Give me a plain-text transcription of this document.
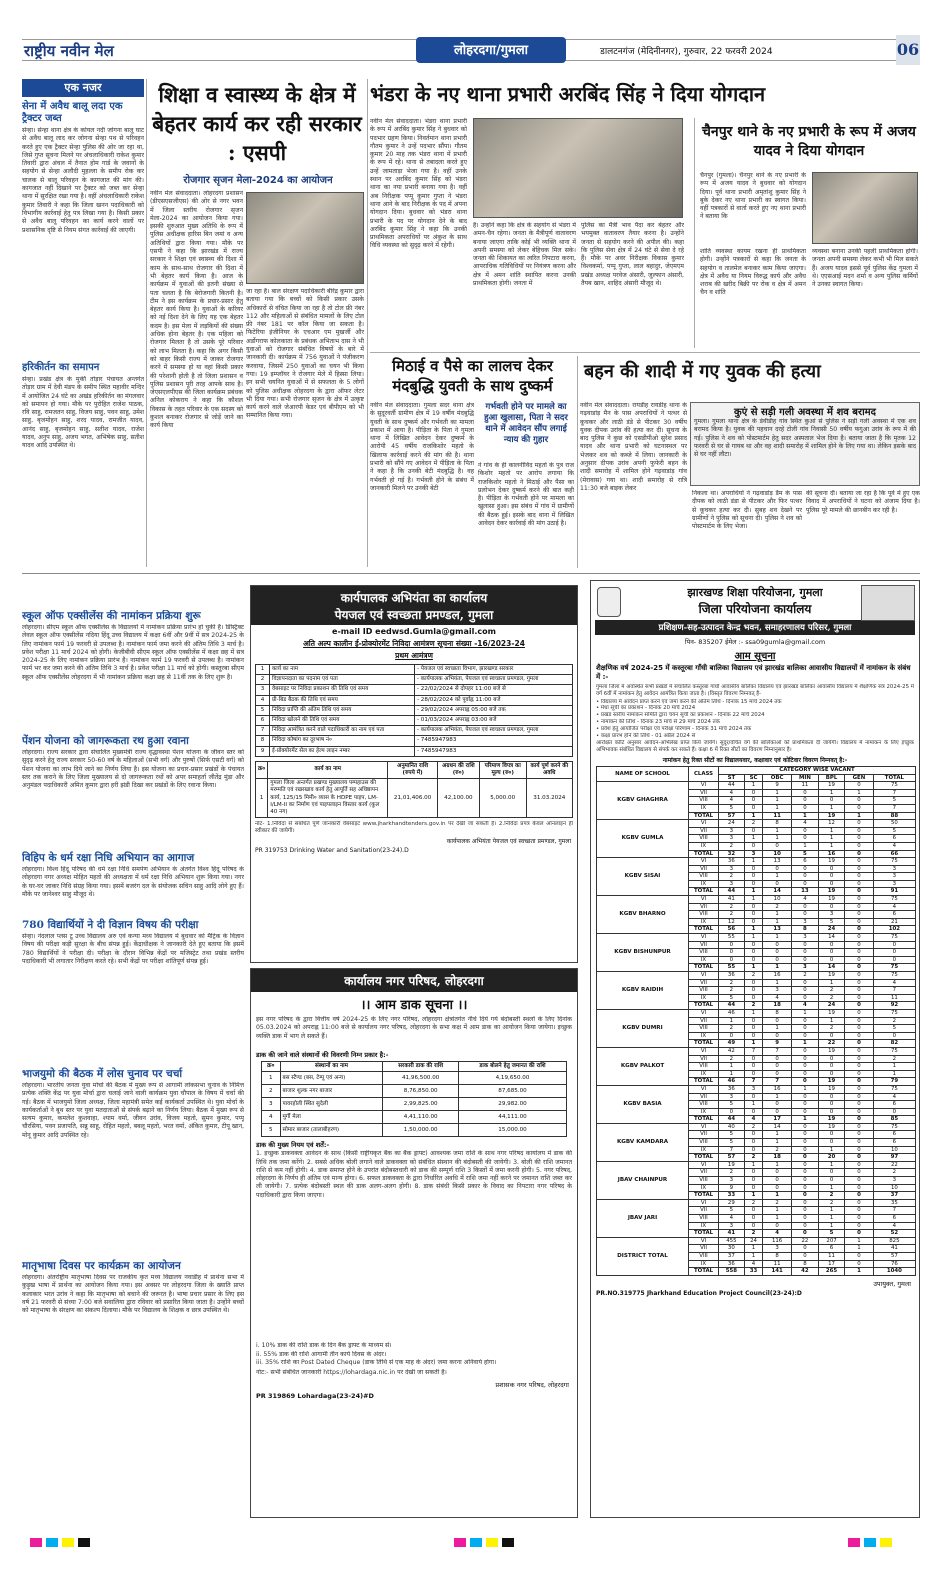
राष्ट्रीय नवीन मेल	लोहरदगा/गुमला	डालटनगंज (मेदिनीनगर), गुरुवार, 22 फरवरी 2024	06
एक नजर
सेना में अवैध बालू लदा एक ट्रैक्टर जब्त
सेन्हा। सेन्हा थाना क्षेत्र के कोयल नदी जोगना बालू घाट से अवैध बालू लाद कर जोगना सेन्हा पथ से परिवहन करते हुए एक ट्रैक्टर सेन्हा पुलिस की ओर जा रहा था, जिसे गुप्त सूचना मिलने पर अंचलाधिकारी राकेश कुमार तिवारी द्वारा अंचल में तैनात होम गार्ड के जवानों के सहयोग से सेन्हा अलौदी मुहल्ला के समीप रोक कर चालक से बालू परिवहन के कागजात की मांग की। कागजात नहीं दिखाने पर ट्रैक्टर को जब्त कर सेन्हा थाना में सुरक्षित रखा गया है। वहीं अंचलाधिकारी राकेश कुमार तिवारी ने कहा कि जिला खनन पदाधिकारी को विभागीय कार्रवाई हेतु पत्र लिखा गया है। किसी प्रकार से अवैध बालू परिवहन का कार्य करने वालों पर प्रशासनिक दृष्टि से नियम संगत कार्रवाई की जाएगी।
हरिकीर्तन का समापन
सेन्हा। प्रखंड क्षेत्र के मुर्की तोड़ार पंचायत अन्तर्गत तोड़ार ग्राम में देवी मंडप के समीप स्थित महावीर मन्दिर में आयोजित 24 घंटे का अखंड हरिकीर्तन का मंगलवार को समापन हो गया। मौके पर पुरोहित राजेश पाठक, रवि साहु, रामजतन साहु, विजय साहु, पवन साहु, उमेश साहु, बृजमोहन साहु, शरद यादव, रामजीत यादव, आनंद साहु, बृजमोहन साहु, सतीश यादव, राजेश यादव, अनुप साहु, अजय भगत, अभिषेक साहु, सतीश यादव आदि उपस्थित थे।
शिक्षा व स्वास्थ्य के क्षेत्र में बेहतर कार्य कर रही सरकार : एसपी
रोजगार सृजन मेला-2024 का आयोजन
नवीन मेल संवाददाता। लोहरदगा प्रशासन (डीएसएसजीएस) की ओर से नगर भवन में जिला स्तरीय रोजगार सृजन मेला-2024 का आयोजन किया गया। इसकी शुरुआत मुख्य अतिथि के रूप में पुलिस अधीक्षक हारिस बिन जमां व अन्य अतिथियों द्वारा किया गया। मौके पर एसपी ने कहा कि झारखंड में राज्य सरकार ने शिक्षा एवं स्वास्थ्य की दिशा में काम के साथ-साथ रोजगार की दिशा में भी बेहतर कार्य किया है। आज के कार्यक्रम में युवाओं की इतनी संख्या से पता चलता है कि बेरोजगारी कितनी है। टीम ने इस कार्यक्रम के प्रचार-प्रसार हेतु बेहतर कार्य किया है। युवाओं के करियर को नई दिशा देने के लिए यह एक बेहतर कदम है। इस मेला में लड़कियों की संख्या अधिक होना बेहतर है। एक महिला को रोजगार मिलता है तो उसके पूरे परिवार को लाभ मिलता है। कहा कि अगर किसी को बाहर किसी राज्य में जाकर रोजगार करने में समस्या हो या वहां किसी प्रकार की परेशानी होती है तो जिला प्रशासन व पुलिस प्रशासन पूरी तरह आपके साथ है। जेएसएलपीएस की जिला कार्यक्रम प्रबंधक अनिल कोकराय ने कहा कि कौशल विकास के तहत परिवार के एक सदस्य को कुशल बनाकर रोजगार से जोड़ें जाने का कार्य किया
जा रहा है। बाल संरक्षण पदाधिकारी बीरेंद्र कुमार द्वारा बताया गया कि बच्चों को किसी प्रकार उसके अधिकारों से वंचित किया जा रहा है तो टोल फ्री नंबर 112 और महिलाओं से संबंधित मामलों के लिए टोल फ्री नंबर 181 पर कॉल किया जा सकता है। फिटेरिया इंजीनियर के एचआर एम मुखर्जी और अर्डोगराफ कोलकाता के प्रबंधक अभिताभ दास ने भी युवाओं को रोजगार संबंधित विषयों के बारे में जानकारी दी। कार्यक्रम में 756 युवाओं ने पंजीकरण करवाया, जिसमें 250 युवाओं का चयन भी किया गया। 19 इम्प्लॉयर ने रोजगार मेले में हिस्सा लिया। इन सभी चयनित युवाओं में से सफलता के 5 लोगों को पुलिस अधीक्षक लोहरदगा के द्वारा ऑफर लेटर भी दिया गया। सभी रोजगार सृजन के क्षेत्र में उत्कृष्ट कार्य करने वाले जेआरपी केडर एवं बीपीएम को भी सम्मानित किया गया।
भंडरा के नए थाना प्रभारी अरबिंद सिंह ने दिया योगदान
नवीन मेल संवाददाता। भंडरा थाना प्रभारी के रूप में अरबिंद कुमार सिंह ने बुधवार को पदभार ग्रहण किया। निवर्तमान थाना प्रभारी गौतम कुमार ने उन्हें पदभार सौंपा। गौतम कुमार 20 माह तक भंडरा थाना में प्रभारी के रूप में रहे। थाना से तबादला करते हुए उन्हें जामताड़ा भेजा गया है। वहीं उनके स्थान पर अरबिंद कुमार सिंह को भंडरा थाना का नया प्रभारी बनाया गया है। वहीं अब निरीक्षक पप्पू कुमार गुप्ता ने भंडरा थाना आने के बाद निरीक्षक के पद में अपना योगदान दिया। बुधवार को भंडरा थाना प्रभारी के पद पर योगदान देने के बाद अरबिंद कुमार सिंह ने कहा कि उनकी प्राथमिकता अपराधियों पर अंकुश के साथ विधि व्यवस्था को सुदृढ़ करने में रहेगी।
है। उन्होंने कहा कि क्षेत्र के सहयोग से भंडरा में अमन-चैन रहेगा। जनता के मैत्रीपूर्ण वातावरण बनाया जाएगा ताकि कोई भी व्यक्ति थाना में अपनी समस्या को लेकर बेहिचक मिल सके। जनता की शिकायत का त्वरित निपटारा करना, आपराधिक गतिविधियों पर नियंत्रण करना और क्षेत्र में अमन शांति स्थापित करना उनकी प्राथमिकता होगी। जनता में
पुलिस का मैत्री भाव पैदा कर बेहतर और भयमुक्त वातावरण तैयार करना है। उन्होंने जनता से सहयोग करने की अपील की। कहा कि पुलिस सेवा क्षेत्र में 24 घंटे से सेवा दे रहे हैं। मौके पर अवर निरीक्षक विकास कुमार विश्वकर्मा, पप्पू गुप्ता, लाल बहादुर, जेएमएम प्रखंड अध्यक्ष परवेज अंसारी, जुल्फान अंसारी, तैयब खान, शाहिद अंसारी मौजूद थे।
चैनपुर थाने के नए प्रभारी के रूप में अजय यादव ने दिया योगदान
चैनपुर (गुमला)। चैनपुर थाने के नए प्रभारी के रूप में अजय यादव ने बुधवार को योगदान दिया। पूर्व थाना प्रभारी अमृतांशु कुमार सिंह ने बुके देकर नए थाना प्रभारी का स्वागत किया। वहीं पत्रकारों से वार्ता करते हुए नए थाना प्रभारी ने बताया कि
शांति व्यवस्था कायम रखना ही प्राथमिकता होगी। उन्होंने पत्रकारों से कहा कि जनता के सहयोग व तालमेल बनाकर काम किया जाएगा। क्षेत्र में अवैध या नियम विरुद्ध कार्य और अवैध शराब की खरीद बिक्री पर रोक व क्षेत्र में अमन चैन व शांति
व्यवस्था बनाना उनकी पहली प्राथमिकता होगी। जनता अपनी समस्या लेकर कभी भी मिल सकते हैं। अजय यादव इससे पूर्व पुलिस केंद्र गुमला में थे। एएसआई मदन शर्मा व अन्य पुलिस कर्मियों ने उनका स्वागत किया।
मिठाई व पैसे का लालच देकर मंदबुद्धि युवती के साथ दुष्कर्म
नवीन मेल संवाददाता। गुमला सदर थाना क्षेत्र के सुदूरवर्ती ग्रामीण क्षेत्र में 19 वर्षीय मंदबुद्धि युवती के साथ दुष्कर्म और गर्भवती का मामला प्रकाश में आया है। पीड़िता के पिता ने गुमला थाना में लिखित आवेदन देकर दुष्कर्म के आरोपी 45 वर्षीय राजकिशोर महतो के खिलाफ कार्रवाई करने की मांग की है। थाना प्रभारी को सौंपे गए आवेदन में पीड़िता के पिता ने कहा है कि उनकी बेटी मंदबुद्धि है। वह गर्भवती हो गई है। गर्भवती होने के संबंध में जानकारी मिलने पर उनकी बेटी
गर्भवती होने पर मामले का हुआ खुलासा, पिता ने सदर थाने में आवेदन सौंप लगाई न्याय की गुहार
ने गांव के ही कालनीविंद महतो के पुत्र राज किशोर महतो पर आरोप लगाया कि राजकिशोर महतो ने मिठाई और पैसा का प्रलोभन देकर दुष्कर्म करने की बात कही है। पीड़िता के गर्भवती होने पर मामला का खुलासा हुआ। इस संबंध में गांव में ग्रामीणों की बैठक हुई। इसके बाद थाना में लिखित आवेदन देकर कार्रवाई की मांग उठाई है।
बहन की शादी में गए युवक की हत्या
नवीन मेल संवाददाता। रायडीह रायडीह थाना के गढ़वाडांड़ मैन के पास अपराधियों ने पत्थर से कूचकर और लाठी डंडे से पीटकर 30 वर्षीय युवक दीपक उरांव की हत्या कर दी। सूचना के बाद पुलिस ने कुछ को एसडीपीओ सुरेश प्रसाद यादव और थाना प्रभारी को घटनास्थल पर भेजकर शव को कब्जे में लिया। जानकारी के अनुसार दीपक उरांव अपनी फुफेरी बहन के शादी समारोह में शामिल होने गढ़वाडांड़ गांव (मेरावास) गया था। शादी समारोह से रात्रि 11:30 बजे बाइक लेकर
कुएं से सड़ी गली अवस्था में शव बरामद
गुमला। गुमला थाना क्षेत्र के डेवीडीह गांव स्थित कुआं से पुलिस ने सड़ी गली अवस्था में एक शव बरामद किया है। युवक की पहचान दरहे टोली गांव निवासी 50 वर्षीय फगुआ उरांव के रूप में की गई। पुलिस ने शव को पोस्टमार्टम हेतु सदर अस्पताल भेज दिया है। बताया जाता है कि मृतक 12 फरवरी से घर से गायब था और वह शादी समारोह में शामिल होने के लिए गया था। लेकिन इसके बाद से घर नहीं लौटा।
निकला था। अपराधियों ने गढ़वाडांड़ डैम के पास दीपक को लाठी डंडा से पीटकर और फिर पत्थर से कूचकर हत्या कर दी। सुबह शव देखने पर ग्रामीणों ने पुलिस को सूचना दी। पुलिस ने शव को पोस्टमार्टम के लिए भेजा।
की सूचना दी। बताया जा रहा है कि पूर्व में हुए एक विवाद में अपराधियों ने घटना को अंजाम दिया है। पुलिस पूरे मामले की छानबीन कर रही है।
स्कूल ऑफ एक्सीलेंस की नामांकन प्रक्रिया शुरू
लोहरदगा। सीएम स्कूल ऑफ एक्सीलेंस के विद्यालयों में नामांकन प्रक्रिया प्रारंभ हो चुकी है। डिस्ट्रिक्ट लेवल स्कूल ऑफ एक्सीलेंस नदिया हिंदू उच्च विद्यालय में कक्षा 6वीं और 9वीं में सत्र 2024-25 के लिए नामांकन फार्म 19 फरवरी से उपलब्ध है। नामांकन फार्म जमा करने की अंतिम तिथि 3 मार्च है। प्रवेश परीक्षा 11 मार्च 2024 को होगी। केजीबीवी सीएम स्कूल ऑफ एक्सीलेंस में कक्षा छह में सत्र 2024-25 के लिए नामांकन प्रक्रिया प्रारंभ है। नामांकन फार्म 19 फरवरी से उपलब्ध है। नामांकन फार्म भर कर जमा करने की अंतिम तिथि 3 मार्च है। प्रवेश परीक्षा 11 मार्च को होगी। कस्तूरबा सीएम स्कूल ऑफ एक्सीलेंस लोहरदगा में भी नामांकन प्रक्रिया कक्षा छह से 11वीं तक के लिए शुरू है।
पेंशन योजना को जागरूकता रथ हुआ रवाना
लोहरदगा। राज्य सरकार द्वारा संचालित मुख्यमंत्री राज्य वृद्धावस्था पेंशन योजना के जीवन स्तर को सुदृढ़ करने हेतु राज्य सरकार 50-60 वर्ष के महिलाओं (सभी वर्ग) और पुरुषों (सिर्फ एसटी वर्ग) को पेंशन योजना का लाभ दिये जाने का निर्णय लिया है। इस योजना का प्रचार-प्रसार प्रखंडों के पंचायत स्तर तक कराने के लिए जिला मुख्यालय से दो जागरूकता रथों को अपर समाहर्ता जीतेंद्र मुंडा और अनुमंडल पदाधिकारी अमित कुमार द्वारा हरी झंडी दिखा कर प्रखंडों के लिए रवाना किया।
विहिप के धर्म रक्षा निधि अभियान का आगाज
लोहरदगा। विश्व हिंदू परिषद की धर्म रक्षा निधि समर्पण अभियान के अंतर्गत विश्व हिंदू परिषद के लोहरदगा नगर अध्यक्ष मोहित महतो की अध्यक्षता में धर्म रक्षा निधि अभियान शुरू किया गया। नगर के घर-घर जाकर निधि संग्रह किया गया। इसमें बजरंग दल के संयोजक सचिन साहु आदि लोगे हुए हैं। मौके पर जानेश्वर साहु मौजूद थे।
780 विद्यार्थियों ने दी विज्ञान विषय की परीक्षा
सेन्हा। नंदलाल प्लस टू उच्च विद्यालय अरु एवं कन्या मध्य विद्यालय में बुधवार को मैट्रिक के विज्ञान विषय की परीक्षा कड़ी सुरक्षा के बीच संपन्न हुई। केंद्राधीक्षक ने जानकारी देते हुए बताया कि इसमें 780 विद्यार्थियों ने परीक्षा दी। परीक्षा के दौरान विभिन्न केंद्रों पर मजिस्ट्रेट तथा प्रखंड स्तरीय पदाधिकारी भी लगातार निरीक्षण करते रहे। सभी केंद्रों पर परीक्षा शांतिपूर्ण संपन्न हुई।
भाजयुमो की बैठक में लोस चुनाव पर चर्चा
लोहरदगा। भारतीय जनता युवा मोर्चा की बैठक में मुख्य रूप से आगामी लोकसभा चुनाव के निमित्त प्रत्येक शक्ति केंद्र पर युवा मोर्चा द्वारा चलाई जाने वाली कार्यक्रम युवा चौपाल के विषय में चर्चा की गई। बैठक में भाजयुमो जिला अध्यक्ष, जिला महामंत्री समेत कई कार्यकर्ता उपस्थित थे। युवा मोर्चा के कार्यकर्ताओं ने बूथ स्तर पर युवा मतदाताओं से संपर्क बढ़ाने का निर्णय लिया। बैठक में मुख्य रूप से सत्यम कुमार, कमलेश कुशवाहा, श्याम वर्मा, जीवन उरांव, विजय महतो, सुमन कुमार, पप्पू चौरसिया, पवन प्रजापति, सन्नु साहू, रोहित महतो, बबलू महतो, भरत वर्मा, अंकित कुमार, टीपू खान, मोनू कुमार आदि उपस्थित रहे।
मातृभाषा दिवस पर कार्यक्रम का आयोजन
लोहरदगा। अंतर्राष्ट्रीय मातृभाषा दिवस पर राजकीय कृत मध्य विद्यालय नवाडीह में प्रार्थना सभा में कुड़ुख भाषा में प्रार्थना का आयोजन किया गया। इस अवसर पर लोहरदगा जिला के ख्याति प्राप्त कलाकार भरत उरांव ने कहा कि मातृभाषा को बचाने की जरूरत है। भाषा प्रचार प्रसार के लिए इस वर्ष 21 फरवरी से संध्या 7:00 बजे सवालिया द्वारा रविवार को प्रसारित किया जाता है। उन्होंने बच्चों को मातृभाषा के संरक्षण का संकल्प दिलाया। मौके पर विद्यालय के शिक्षक व छात्र उपस्थित थे।
कार्यपालक अभियंता का कार्यालय
पेयजल एवं स्वच्छता प्रमण्डल, गुमला
e-mail ID eedwsd.Gumla@gmail.com
अति अल्प कालीन ई-प्रोक्योरमेंट निविदा आमंत्रण सूचना संख्या -16/2023-24
प्रथम आमंत्रण
1	कार्य का नाम	- पेयजल एवं स्वच्छता विभाग, झारखण्ड सरकार
2	विज्ञापनदाता का पदनाम एवं पता	- कार्यपालक अभियंता, पेयजल एवं स्वच्छता प्रमण्डल, गुमला
3	वेबसाइट पर निविदा प्रकाशन की तिथि एवं समय	- 22/02/2024 से दोपहर 11:00 बजे से
4	प्री-बिड बैठक की तिथि एवं समय	- 28/02/2024 को पूर्वाह्न 11:00 बजे
5	निविदा प्राप्ति की अंतिम तिथि एवं समय	- 29/02/2024 अपराह्न 05:00 बजे तक
6	निविदा खोलने की तिथि एवं समय	- 01/03/2024 अपराह्न 03:00 बजे
7	निविदा आमंत्रित करने वाले पदाधिकारी का नाम एवं पता	- कार्यपालक अभियंता, पेयजल एवं स्वच्छता प्रमण्डल, गुमला
8	निविदा कोषांग का दूरभाष नं०	- 7485947983
9	ई-प्रोक्योरमेंट सेल का हेल्प लाइन नम्बर	- 7485947983
क्र०	कार्य का नाम	अनुमानित राशि (रुपये में)	अग्रधन की राशि (रु०)	परिमाण विपत्र का मूल्य (रु०)	कार्य पूर्ण करने की अवधि
1	गुमला जिला अन्तर्गत प्रखण्ड मुख्यालय पम्पहाउस की मरम्मति एवं रखरखाव कार्य हेतु आपूर्ति सह अधिष्ठापन कार्य, 125/15 मिमी० व्यास के HDPE पाइप, LM-I/LM-II का निर्माण एवं पाइपलाइन विस्तार कार्य (कुल 40 नग)	21,01,406.00	42,100.00	5,000.00	31.03.2024
नोट- 1.निविदा से संबंधित पूर्ण जानकारी वेबसाइट www.jharkhandtenders.gov.in पर देखी जा सकती है। 2.निविदा प्रपत्र केवल ऑनलाइन ही स्वीकार की जायेगी।
कार्यपालक अभियंता पेयजल एवं स्वच्छता प्रमण्डल, गुमला
PR 319753 Drinking Water and Sanitation(23-24).D
कार्यालय नगर परिषद, लोहरदगा
।। आम डाक सूचना ।।
इस नगर परिषद के द्वारा वित्तीय वर्ष 2024-25 के लिए नगर परिषद, लोहरदगा क्षेत्रांतर्गत नीचे दिये गये बंदोबस्ती स्थलों के लिए दिनांक 05.03.2024 को अपराह्न 11:00 बजे से कार्यालय नगर परिषद, लोहरदगा के सभा कक्ष में आम डाक का आयोजन किया जायेगा। इच्छुक व्यक्ति डाक में भाग ले सकते हैं।
डाक की जाने वाले संस्थानों की विवरणी निम्न प्रकार है:-
क्र०	संस्थानों का नाम	सरकारी डाक की राशि	डाक बोलने हेतु जमानत की राशि
1	बस स्टैण्ड (बस, टेम्पू एवं अन्य)	41,96,500.00	4,19,650.00
2	बाजार शुल्क नगर बाजार	8,76,850.00	87,685.00
3	पावरहोली स्थित सुदेली	2,99,825.00	29,982.00
4	मुर्गी मेला	4,41,110.00	44,111.00
5	सोमार बाजार (तालाबीहरण)	1,50,000.00	15,000.00
डाक की मुख्य नियम एवं शर्तें:-
1. इच्छुक डाकवक्ता आवेदन के साथ (किसी राष्ट्रीयकृत बैंक का बैंक ड्राफ्ट) आवश्यक जमा राशि के साथ नगर परिषद कार्यालय में डाक की तिथि तक जमा करेंगे। 2. सबसे अधिक बोली लगाने वाले डाकवक्ता को संबंधित संस्थान की बंदोबस्ती की जायेगी। 3. बोली की राशि जमानत राशि से कम नहीं होगी। 4. डाक समाप्त होने के उपरांत बंदोबस्तधारी को डाक की सम्पूर्ण राशि 3 किस्तों में जमा करनी होगी। 5. नगर परिषद, लोहरदगा के निर्णय ही अंतिम एवं मान्य होगा। 6. सफल डाकवक्ता के द्वारा निर्धारित अवधि में राशि जमा नहीं करने पर जमानत राशि जब्त कर ली जायेगी। 7. प्रत्येक बंदोबस्ती स्थल की डाक अलग-अलग होगी। 8. डाक संबंधी किसी प्रकार के विवाद का निपटारा नगर परिषद के पदाधिकारी द्वारा किया जाएगा।
i. 10% डाक की राशि डाक के दिन बैंक ड्राफ्ट के माध्यम से।
ii. 55% डाक की राशि आगामी तीन कार्य दिवस के अंदर।
iii. 35% राशि का Post Dated Cheque (डाक तिथि से एक माह के अंदर) जमा करना अनिवार्य होगा।
नोट:- सभी संबंधित जानकारी https://lohardaga.nic.in पर देखी जा सकती है।
प्रशासक नगर परिषद, लोहरदगा
PR 319869 Lohardaga(23-24)#D
झारखण्ड शिक्षा परियोजना, गुमला
जिला परियोजना कार्यालय
प्रशिक्षण-सह-उत्पादन केन्द्र भवन, समाहरणालय परिसर, गुमला
पिन- 835207 ईमेल :- ssa09gumla@gmail.com
आम सूचना
शैक्षणिक वर्ष 2024-25 में कस्तूरबा गाँधी बालिका विद्यालय एवं झारखंड बालिका आवासीय विद्यालयों में नामांकन के संबंध में :-
गुमला जिला में अवस्थित सभी प्रखंडों में संचालित कस्तूरबा गांधी आवासीय बालिका विद्यालय एवं झारखंड बालिका आवासीय विद्यालय में शैक्षणिक सत्र 2024-25 में वर्ग 6वीं में नामांकन हेतु आवेदन आमंत्रित किया जाता है। (विस्तृत विवरण निम्नवत् है-
• विद्यालय में आवेदन प्राप्त करने एवं जमा करने की अंतिम तिथि - दिनांक 15 मार्च 2024 तक
• मेधा सूची का प्रकाशन - दिनांक 20 मार्च 2024
• प्रखंड स्तरीय नामांकन समिति द्वारा चयन सूची का प्रकाशन - दिनांक 22 मार्च 2024
• नामांकन की तिथि - दिनांक 23 मार्च से 29 मार्च 2024 तक
• प्रवेश हेतु आयोजित परीक्षा एवं परीक्षा परिणाम - दिनांक 31 मार्च 2024 तक
• कक्षा प्रारंभ होने की तिथि - 01 अप्रैल 2024 से
आरक्षित कोटि अनुसार आवेदन-अभिलेख प्राप्त किये जायेंगे। सुदूर/वंचित वर्ग की बालिकाओं को प्राथमिकता दी जायेगी। विद्यालय में नामांकन के लिए इच्छुक अभिभावक संबंधित विद्यालय से संपर्क कर सकते हैं। कक्षा 6 में रिक्त सीटों का विवरण निम्नानुसार है।
नामांकन हेतु रिक्त सीटों का विद्यालयवार, कक्षावार एवं कोटिवार विवरण निम्नवत् है:-
NAME OF SCHOOL	CLASS	CATEGORY WISE VACANT						
		ST	SC	OBC	MIN	BPL	GEN	TOTAL
KGBV GHAGHRA	VI	44	1	9	11	19	0	75
	VII	4	0	1	0	1	1	7
	VIII	4	0	1	0	0	0	5
	IX	5	0	1	0	1	0	7
	TOTAL	57	1	11	1	19	1	88
KGBV GUMLA	VI	24	2	8	4	12	0	50
	VII	3	0	1	0	1	0	5
	VIII	3	1	1	0	1	0	6
	IX	2	0	0	1	1	0	4
	TOTAL	32	3	10	5	16	0	66
KGBV SISAI	VI	36	1	13	6	19	0	75
	VII	3	0	0	0	0	0	3
	VIII	2	0	1	0	0	0	3
	IX	3	0	0	0	0	0	3
	TOTAL	44	1	14	13	19	0	91
KGBV BHARNO	VI	41	1	10	4	19	0	75
	VII	2	0	2	0	0	0	4
	VIII	2	0	1	0	3	0	6
	IX	12	0	1	3	5	0	21
	TOTAL	56	1	13	8	24	0	102
KGBV BISHUNPUR	VI	55	1	1	3	14	0	75
	VII	0	0	0	0	0	0	0
	VIII	0	0	0	0	0	0	0
	IX	0	0	0	0	0	0	0
	TOTAL	55	1	1	3	14	0	75
KGBV RAIDIH	VI	36	2	16	2	19	0	75
	VII	2	0	1	0	1	0	4
	VIII	2	0	3	0	2	0	7
	IX	5	0	4	0	2	0	11
	TOTAL	44	2	18	4	24	0	92
KGBV DUMRI	VI	46	1	8	1	19	0	75
	VII	1	0	0	0	1	0	2
	VIII	2	0	1	0	2	0	5
	IX	0	0	0	0	0	0	0
	TOTAL	49	1	9	1	22	0	82
KGBV PALKOT	VI	42	7	7	0	19	0	75
	VII	2	0	0	0	0	0	2
	VIII	1	0	0	0	0	0	1
	IX	1	0	0	0	0	0	1
	TOTAL	46	7	7	0	19	0	79
KGBV BASIA	VI	36	3	16	1	19	0	75
	VII	3	0	1	0	0	0	4
	VIII	5	1	0	0	0	0	6
	IX	0	0	0	0	0	0	0
	TOTAL	44	4	17	1	19	0	85
KGBV KAMDARA	VI	40	2	14	0	19	0	75
	VII	5	0	1	0	0	0	6
	VIII	5	0	1	0	0	0	6
	IX	7	0	2	0	1	0	10
	TOTAL	57	2	18	0	20	0	97
JBAV CHAINPUR	VI	19	1	1	0	1	0	22
	VII	2	0	0	0	0	0	2
	VIII	3	0	0	0	0	0	3
	IX	9	0	0	0	1	0	10
	TOTAL	33	1	1	0	2	0	37
JBAV JARI	VI	29	2	2	0	2	0	35
	VII	5	0	1	0	1	0	7
	VIII	4	0	1	0	1	0	6
	IX	3	0	0	0	1	0	4
	TOTAL	41	2	4	0	5	0	52
DISTRICT TOTAL	VI	455	24	116	22	207	1	825
	VII	30	1	3	0	6	1	41
	VIII	37	1	8	0	11	0	57
	IX	36	4	11	8	17	0	76
	TOTAL	558	33	141	42	265	1	1040
उपायुक्त, गुमला
PR.NO.319775 Jharkhand Education Project Council(23-24):D
